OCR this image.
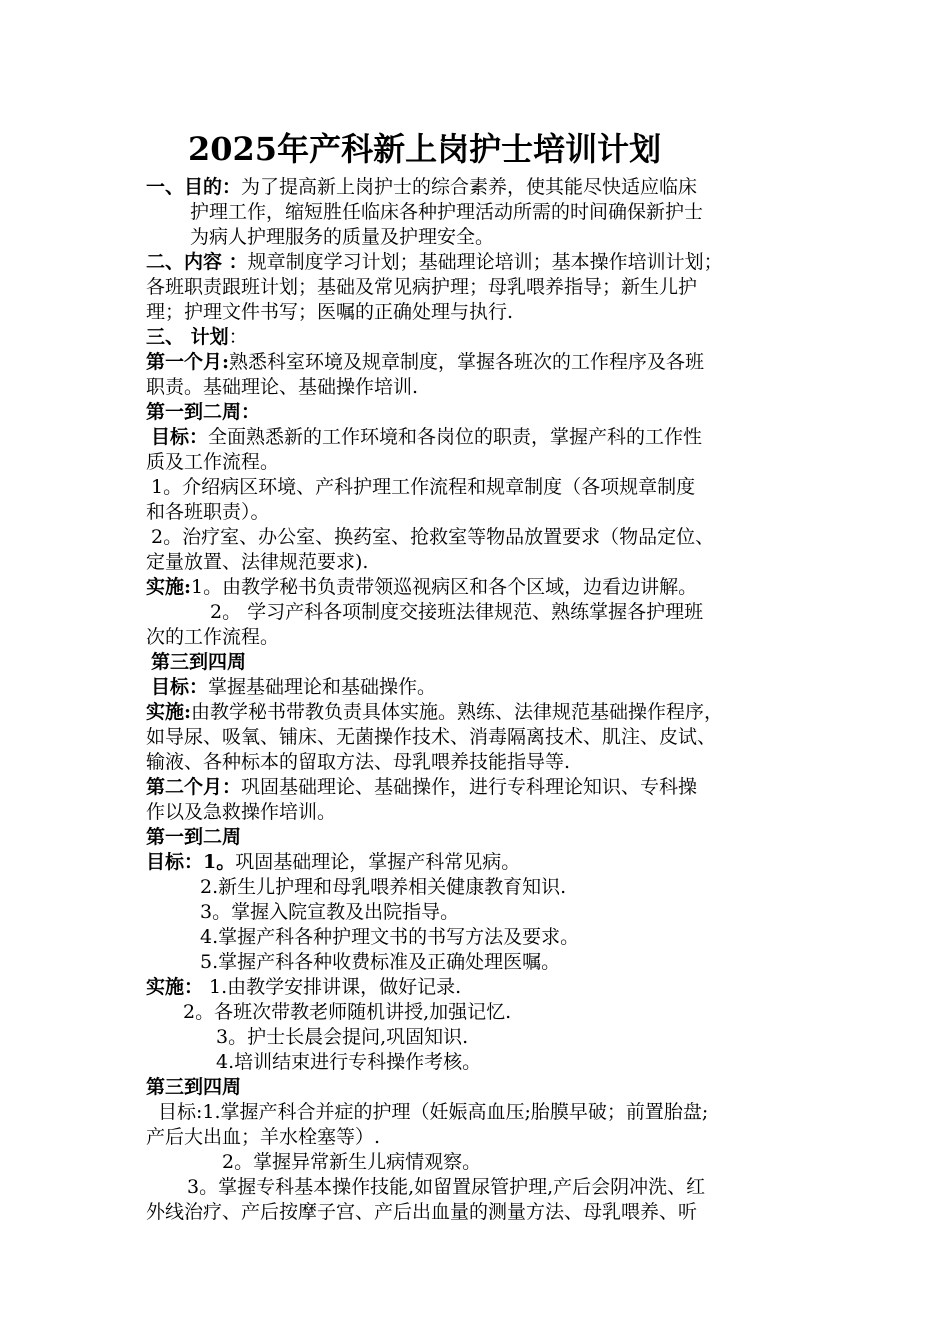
2025年产科新上岗护士培训计划
一、目的：为了提高新上岗护士的综合素养，使其能尽快适应临床
护理工作，缩短胜任临床各种护理活动所需的时间确保新护士
为病人护理服务的质量及护理安全。
二、内容 ：规章制度学习计划；基础理论培训；基本操作培训计划；
各班职责跟班计划；基础及常见病护理；母乳喂养指导；新生儿护
理；护理文件书写；医嘱的正确处理与执行.
三、 计划：
第一个月:熟悉科室环境及规章制度，掌握各班次的工作程序及各班
职责。基础理论、基础操作培训.
第一到二周：
目标：全面熟悉新的工作环境和各岗位的职责，掌握产科的工作性
质及工作流程。
1。介绍病区环境、产科护理工作流程和规章制度（各项规章制度
和各班职责）。
2。治疗室、办公室、换药室、抢救室等物品放置要求（物品定位、
定量放置、法律规范要求).
实施:1。由教学秘书负责带领巡视病区和各个区域，边看边讲解。
2。 学习产科各项制度交接班法律规范、熟练掌握各护理班
次的工作流程。
第三到四周
目标：掌握基础理论和基础操作。
实施:由教学秘书带教负责具体实施。熟练、法律规范基础操作程序，
如导尿、吸氧、铺床、无菌操作技术、消毒隔离技术、肌注、皮试、
输液、各种标本的留取方法、母乳喂养技能指导等.
第二个月：巩固基础理论、基础操作，进行专科理论知识、专科操
作以及急救操作培训。
第一到二周
目标：1。巩固基础理论，掌握产科常见病。
2.新生儿护理和母乳喂养相关健康教育知识.
3。掌握入院宣教及出院指导。
4.掌握产科各种护理文书的书写方法及要求。
5.掌握产科各种收费标准及正确处理医嘱。
实施： 1.由教学安排讲课，做好记录.
2。各班次带教老师随机讲授,加强记忆.
3。护士长晨会提问,巩固知识.
4.培训结束进行专科操作考核。
第三到四周
目标:1.掌握产科合并症的护理（妊娠高血压;胎膜早破；前置胎盘;
产后大出血；羊水栓塞等）.
2。掌握异常新生儿病情观察。
3。掌握专科基本操作技能,如留置尿管护理,产后会阴冲洗、红
外线治疗、产后按摩子宫、产后出血量的测量方法、母乳喂养、听
